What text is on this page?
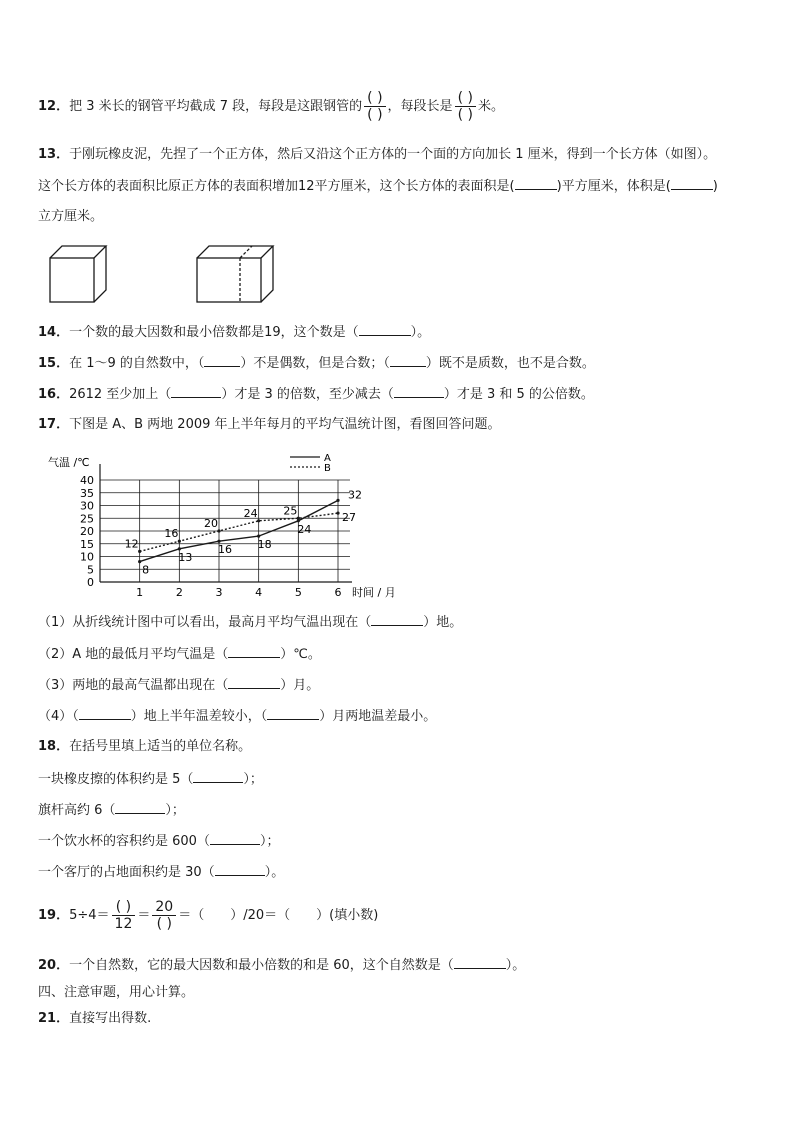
12．把 3 米长的钢管平均截成 7 段，每段是这跟钢管的 $\frac{( )}{( )}$ ，每段长是 $\frac{( )}{( )}$ 米。
13．于刚玩橡皮泥，先捏了一个正方体，然后又沿这个正方体的一个面的方向加长 1 厘米，得到一个长方体（如图）。
这个长方体的表面积比原正方体的表面积增加12平方厘米，这个长方体的表面积是(	)平方厘米，体积是(	)
立方厘米。
14．一个数的最大因数和最小倍数都是19，这个数是（	）。
15．在 1～9 的自然数中，（	）不是偶数，但是合数；（	）既不是质数，也不是合数。
16．2612 至少加上（	）才是 3 的倍数，至少减去（	）才是 3 和 5 的公倍数。
17．下图是 A、B 两地 2009 年上半年每月的平均气温统计图，看图回答问题。
0
5
10
15
20
25
30
35
40
1	2	3	4	5	6
气温 /℃
时间 / 月
A
B
8
13
16 18
24
32
12
16
20
24 25
27
（1）从折线统计图中可以看出，最高月平均气温出现在（	）地。
（2）A 地的最低月平均气温是（	）℃。
（3）两地的最高气温都出现在（	）月。
（4）（	）地上半年温差较小，（	）月两地温差最小。
18．在括号里填上适当的单位名称。
一块橡皮擦的体积约是 5（	）；
旗杆高约 6（	）；
一个饮水杯的容积约是 600（	）；
一个客厅的占地面积约是 30（	）。
19．$5\div 4= \frac{( )}{12} = \frac{20}{( )}$ ＝（　　）/20＝（　　）(填小数)
20．一个自然数，它的最大因数和最小倍数的和是 60，这个自然数是（	）。
四、注意审题，用心计算。
21．直接写出得数.
